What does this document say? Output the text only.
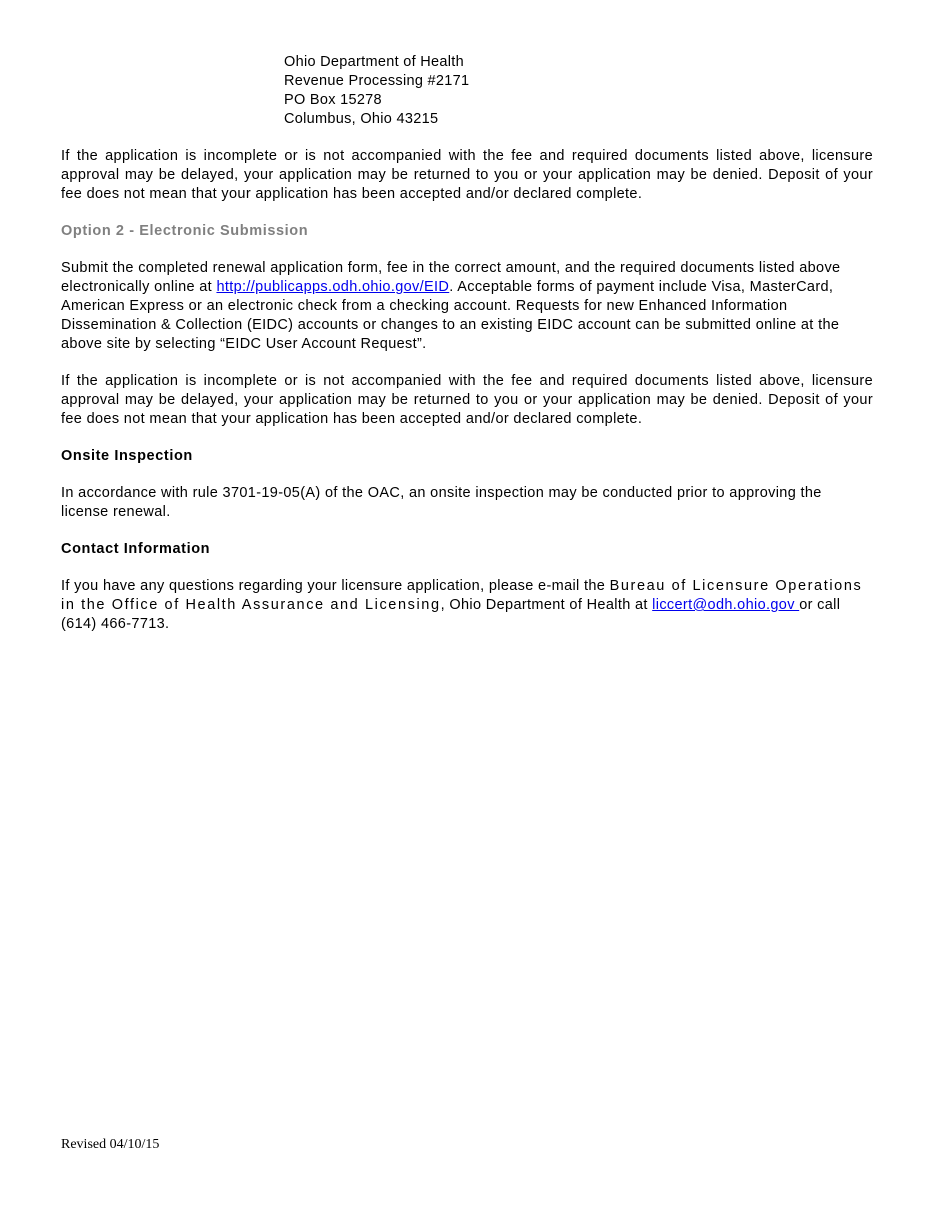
Ohio Department of Health
Revenue Processing #2171
PO Box 15278
Columbus, Ohio 43215

If the application is incomplete or is not accompanied with the fee and required documents listed above, licensure approval may be delayed, your application may be returned to you or your application may be denied. Deposit of your fee does not mean that your application has been accepted and/or declared complete.

Option 2 - Electronic Submission

Submit the completed renewal application form, fee in the correct amount, and the required documents listed above electronically online at http://publicapps.odh.ohio.gov/EID. Acceptable forms of payment include Visa, MasterCard, American Express or an electronic check from a checking account. Requests for new Enhanced Information Dissemination & Collection (EIDC) accounts or changes to an existing EIDC account can be submitted online at the above site by selecting “EIDC User Account Request”.

If the application is incomplete or is not accompanied with the fee and required documents listed above, licensure approval may be delayed, your application may be returned to you or your application may be denied. Deposit of your fee does not mean that your application has been accepted and/or declared complete.

Onsite Inspection

In accordance with rule 3701-19-05(A) of the OAC, an onsite inspection may be conducted prior to approving the license renewal.

Contact Information

If you have any questions regarding your licensure application, please e-mail the Bureau of Licensure Operations in the Office of Health Assurance and Licensing, Ohio Department of Health at liccert@odh.ohio.gov or call (614) 466-7713.

Revised 04/10/15
